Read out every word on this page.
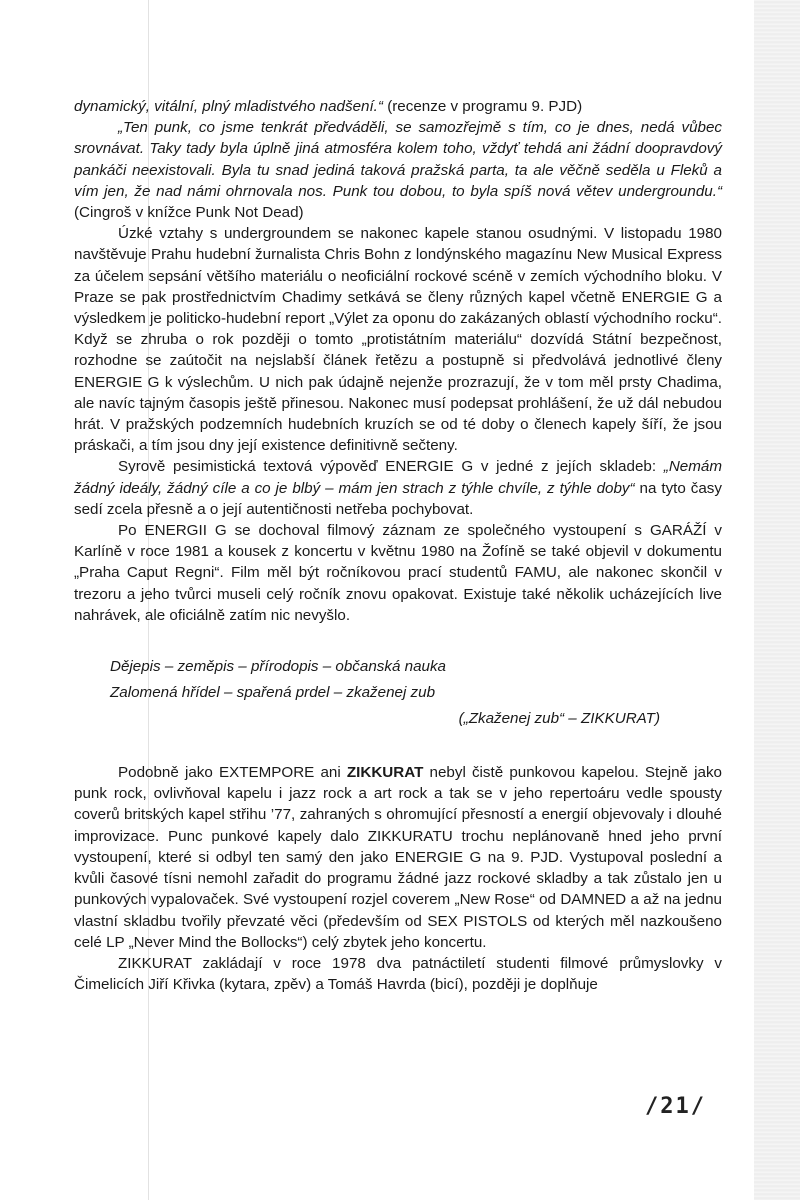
dynamický, vitální, plný mladistvého nadšení.“ (recenze v programu 9. PJD)

„Ten punk, co jsme tenkrát předváděli, se samozřejmě s tím, co je dnes, nedá vůbec srovnávat. Taky tady byla úplně jiná atmosféra kolem toho, vždyť tehdá ani žádní doopravdový pankáči neexistovali. Byla tu snad jediná taková pražská parta, ta ale věčně seděla u Fleků a vím jen, že nad námi ohrnovala nos. Punk tou dobou, to byla spíš nová větev undergroundu.“ (Cingroš v knížce Punk Not Dead)

Úzké vztahy s undergroundem se nakonec kapele stanou osudnými. V listopadu 1980 navštěvuje Prahu hudební žurnalista Chris Bohn z londýnského magazínu New Musical Express za účelem sepsání většího materiálu o neoficiální rockové scéně v zemích východního bloku. V Praze se pak prostřednictvím Chadimy setkává se členy různých kapel včetně ENERGIE G a výsledkem je politicko-hudební report „Výlet za oponu do zakázaných oblastí východního rocku“. Když se zhruba o rok později o tomto „protistátním materiálu“ dozvídá Státní bezpečnost, rozhodne se zaútočit na nejslabší článek řetězu a postupně si předvolává jednotlivé členy ENERGIE G k výslechům. U nich pak údajně nejenže prozrazují, že v tom měl prsty Chadima, ale navíc tajným časopis ještě přinesou. Nakonec musí podepsat prohlášení, že už dál nebudou hrát. V pražských podzemních hudebních kruzích se od té doby o členech kapely šíří, že jsou práskači, a tím jsou dny její existence definitivně sečteny.

Syrově pesimistická textová výpověď ENERGIE G v jedné z jejích skladeb: „Nemám žádný ideály, žádný cíle a co je blbý – mám jen strach z týhle chvíle, z týhle doby“ na tyto časy sedí zcela přesně a o její autentičnosti netřeba pochybovat.

Po ENERGII G se dochoval filmový záznam ze společného vystoupení s GARÁŽÍ v Karlíně v roce 1981 a kousek z koncertu v květnu 1980 na Žofíně se také objevil v dokumentu „Praha Caput Regni“. Film měl být ročníkovou prací studentů FAMU, ale nakonec skončil v trezoru a jeho tvůrci museli celý ročník znovu opakovat. Existuje také několik ucházejících live nahrávek, ale oficiálně zatím nic nevyšlo.

Dějepis – zeměpis – přírodopis – občanská nauka
Zalomená hřídel – spařená prdel – zkaženej zub
(„Zkaženej zub“ – ZIKKURAT)

Podobně jako EXTEMPORE ani ZIKKURAT nebyl čistě punkovou kapelou. Stejně jako punk rock, ovlivňoval kapelu i jazz rock a art rock a tak se v jeho repertoáru vedle spousty coverů britských kapel střihu ’77, zahraných s ohromující přesností a energií objevovaly i dlouhé improvizace. Punc punkové kapely dalo ZIKKURATU trochu neplánovaně hned jeho první vystoupení, které si odbyl ten samý den jako ENERGIE G na 9. PJD. Vystupoval poslední a kvůli časové tísni nemohl zařadit do programu žádné jazz rockové skladby a tak zůstalo jen u punkových vypalovaček. Své vystoupení rozjel coverem „New Rose“ od DAMNED a až na jednu vlastní skladbu tvořily převzaté věci (především od SEX PISTOLS od kterých měl nazkoušeno celé LP „Never Mind the Bollocks“) celý zbytek jeho koncertu.

ZIKKURAT zakládají v roce 1978 dva patnáctiletí studenti filmové průmyslovky v Čimelicích Jiří Křivka (kytara, zpěv) a Tomáš Havrda (bicí), později je doplňuje

/21/
